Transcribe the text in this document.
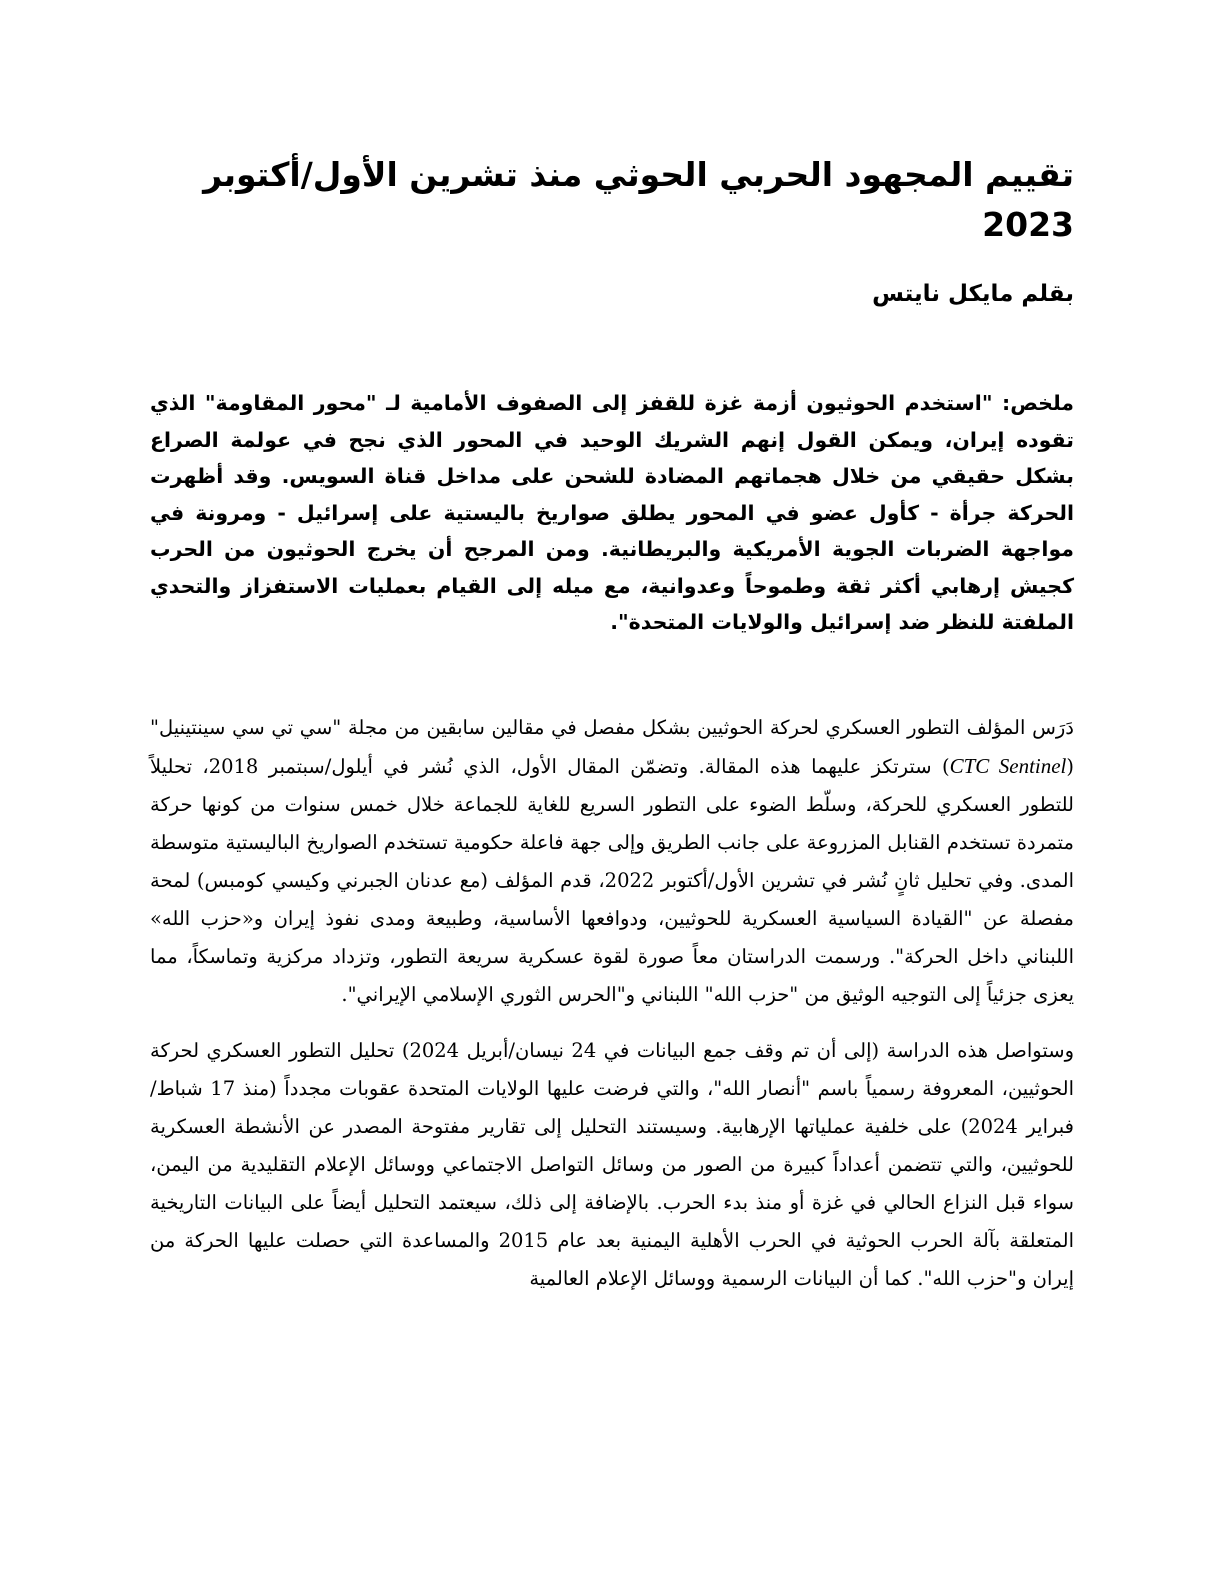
تقييم المجهود الحربي الحوثي منذ تشرين الأول/أكتوبر 2023
بقلم مايكل نايتس

ملخص: "استخدم الحوثيون أزمة غزة للقفز إلى الصفوف الأمامية لـ "محور المقاومة" الذي تقوده إيران، ويمكن القول إنهم الشريك الوحيد في المحور الذي نجح في عولمة الصراع بشكل حقيقي من خلال هجماتهم المضادة للشحن على مداخل قناة السويس. وقد أظهرت الحركة جرأة - كأول عضو في المحور يطلق صواريخ باليستية على إسرائيل - ومرونة في مواجهة الضربات الجوية الأمريكية والبريطانية. ومن المرجح أن يخرج الحوثيون من الحرب كجيش إرهابي أكثر ثقة وطموحاً وعدوانية، مع ميله إلى القيام بعمليات الاستفزاز والتحدي الملفتة للنظر ضد إسرائيل والولايات المتحدة".

دَرَس المؤلف التطور العسكري لحركة الحوثيين بشكل مفصل في مقالين سابقين من مجلة "سي تي سي سينتينيل" (CTC Sentinel) سترتكز عليهما هذه المقالة. وتضمّن المقال الأول، الذي نُشر في أيلول/سبتمبر 2018، تحليلاً للتطور العسكري للحركة، وسلّط الضوء على التطور السريع للغاية للجماعة خلال خمس سنوات من كونها حركة متمردة تستخدم القنابل المزروعة على جانب الطريق وإلى جهة فاعلة حكومية تستخدم الصواريخ الباليستية متوسطة المدى. وفي تحليل ثانٍ نُشر في تشرين الأول/أكتوبر 2022، قدم المؤلف (مع عدنان الجبرني وكيسي كومبس) لمحة مفصلة عن "القيادة السياسية العسكرية للحوثيين، ودوافعها الأساسية، وطبيعة ومدى نفوذ إيران و«حزب الله» اللبناني داخل الحركة". ورسمت الدراستان معاً صورة لقوة عسكرية سريعة التطور، وتزداد مركزية وتماسكاً، مما يعزى جزئياً إلى التوجيه الوثيق من "حزب الله" اللبناني و"الحرس الثوري الإسلامي الإيراني".

وستواصل هذه الدراسة (إلى أن تم وقف جمع البيانات في 24 نيسان/أبريل 2024) تحليل التطور العسكري لحركة الحوثيين، المعروفة رسمياً باسم "أنصار الله"، والتي فرضت عليها الولايات المتحدة عقوبات مجدداً (منذ 17 شباط/فبراير 2024) على خلفية عملياتها الإرهابية. وسيستند التحليل إلى تقارير مفتوحة المصدر عن الأنشطة العسكرية للحوثيين، والتي تتضمن أعداداً كبيرة من الصور من وسائل التواصل الاجتماعي ووسائل الإعلام التقليدية من اليمن، سواء قبل النزاع الحالي في غزة أو منذ بدء الحرب. بالإضافة إلى ذلك، سيعتمد التحليل أيضاً على البيانات التاريخية المتعلقة بآلة الحرب الحوثية في الحرب الأهلية اليمنية بعد عام 2015 والمساعدة التي حصلت عليها الحركة من إيران و"حزب الله". كما أن البيانات الرسمية ووسائل الإعلام العالمية
